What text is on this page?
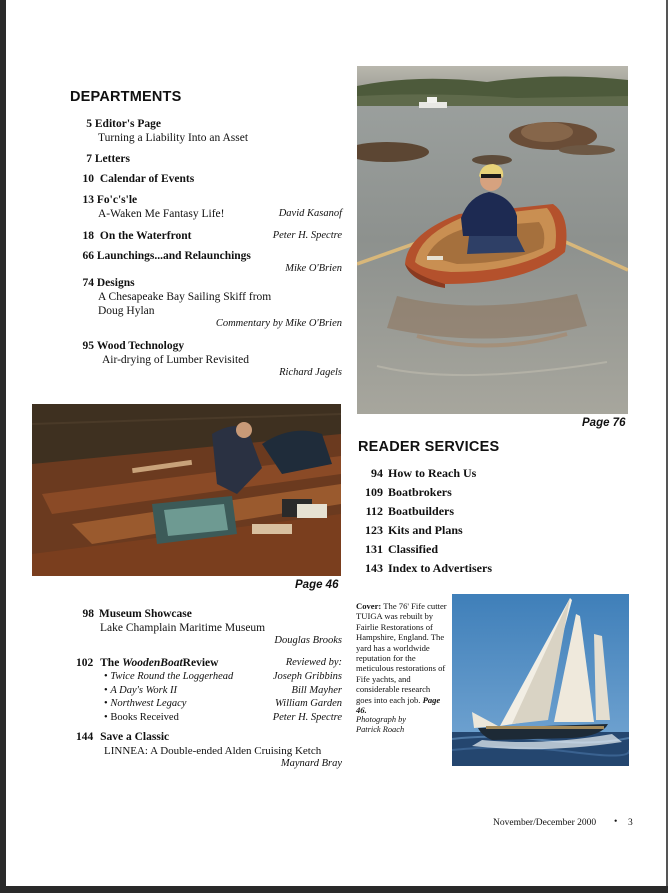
DEPARTMENTS
5 Editor's Page
Turning a Liability Into an Asset
7 Letters
10 Calendar of Events
13 Fo'c's'le
A-Waken Me Fantasy Life!	David Kasanof
18 On the Waterfront	Peter H. Spectre
66 Launchings...and Relaunchings
Mike O'Brien
74 Designs
A Chesapeake Bay Sailing Skiff from
Doug Hylan
Commentary by Mike O'Brien
95 Wood Technology
Air-drying of Lumber Revisited
Richard Jagels
Page 76
READER SERVICES
94 How to Reach Us
109 Boatbrokers
112 Boatbuilders
123 Kits and Plans
131 Classified
143 Index to Advertisers
Page 46
98 Museum Showcase
Lake Champlain Maritime Museum
Douglas Brooks
102 The WoodenBoatReview	Reviewed by:
• Twice Round the Loggerhead	Joseph Gribbins
• A Day's Work II	Bill Mayher
• Northwest Legacy	William Garden
• Books Received	Peter H. Spectre
144 Save a Classic
LINNEA: A Double-ended Alden Cruising Ketch
Maynard Bray
Cover: The 76' Fife cutter TUIGA was rebuilt by Fairlie Restorations of Hampshire, England. The yard has a worldwide reputation for the meticulous restorations of Fife yachts, and considerable research goes into each job. Page 46.
Photograph by
Patrick Roach
November/December 2000 • 3
